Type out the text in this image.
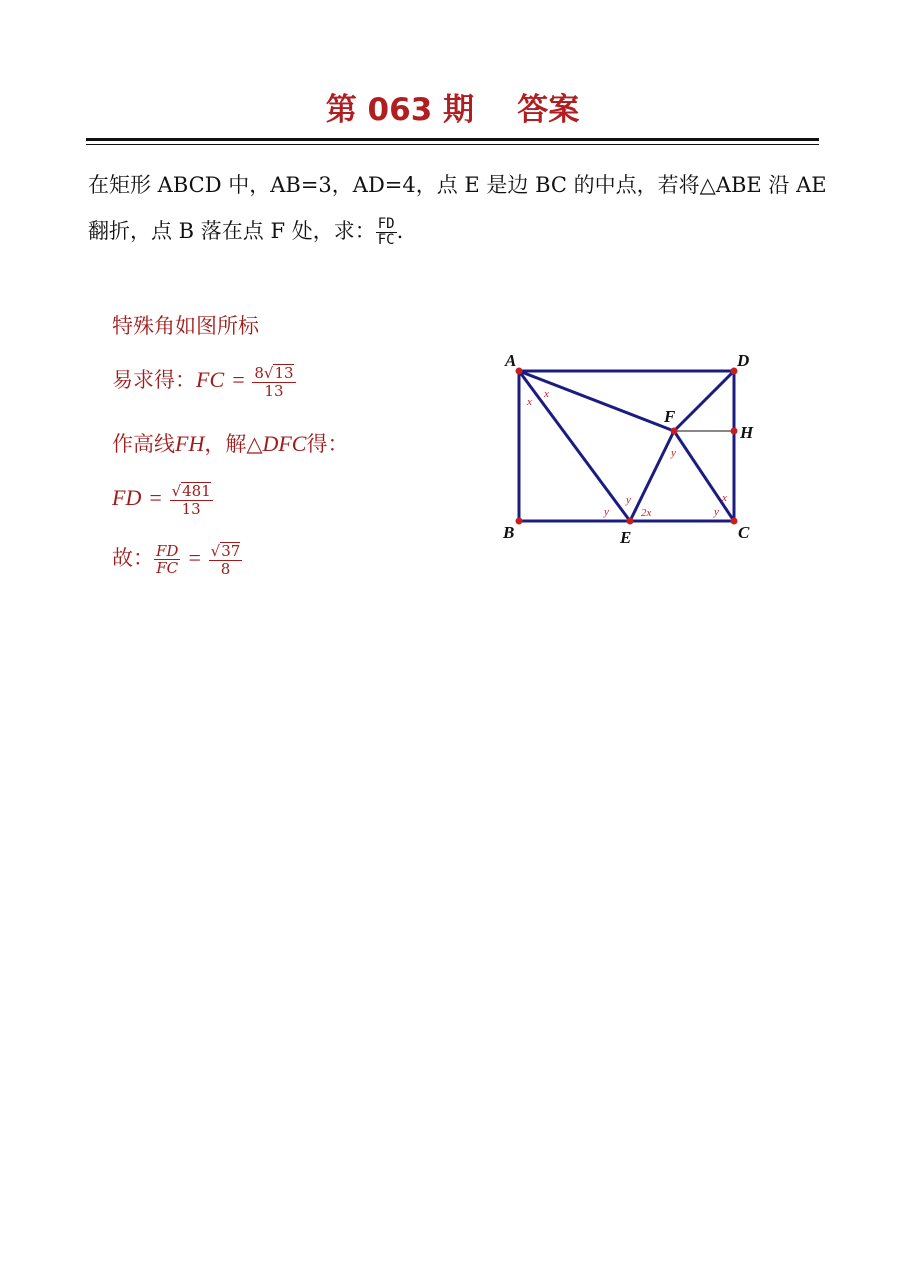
第 063 期    答案
在矩形 ABCD 中，AB=3，AD=4，点 E 是边 BC 的中点，若将△ABE 沿 AE
翻折，点 B 落在点 F 处，求： $\frac{FD}{FC}$ .
特殊角如图所标
易求得：FC = $\frac{8√13}{13}$
作高线FH，解△DFC得：
FD = $\frac{√481}{13}$
故： $\frac{FD}{FC} = \frac{√37}{8}$
A	D
B	C
E
F
H
x
x
x
y
y
2x
y
y
